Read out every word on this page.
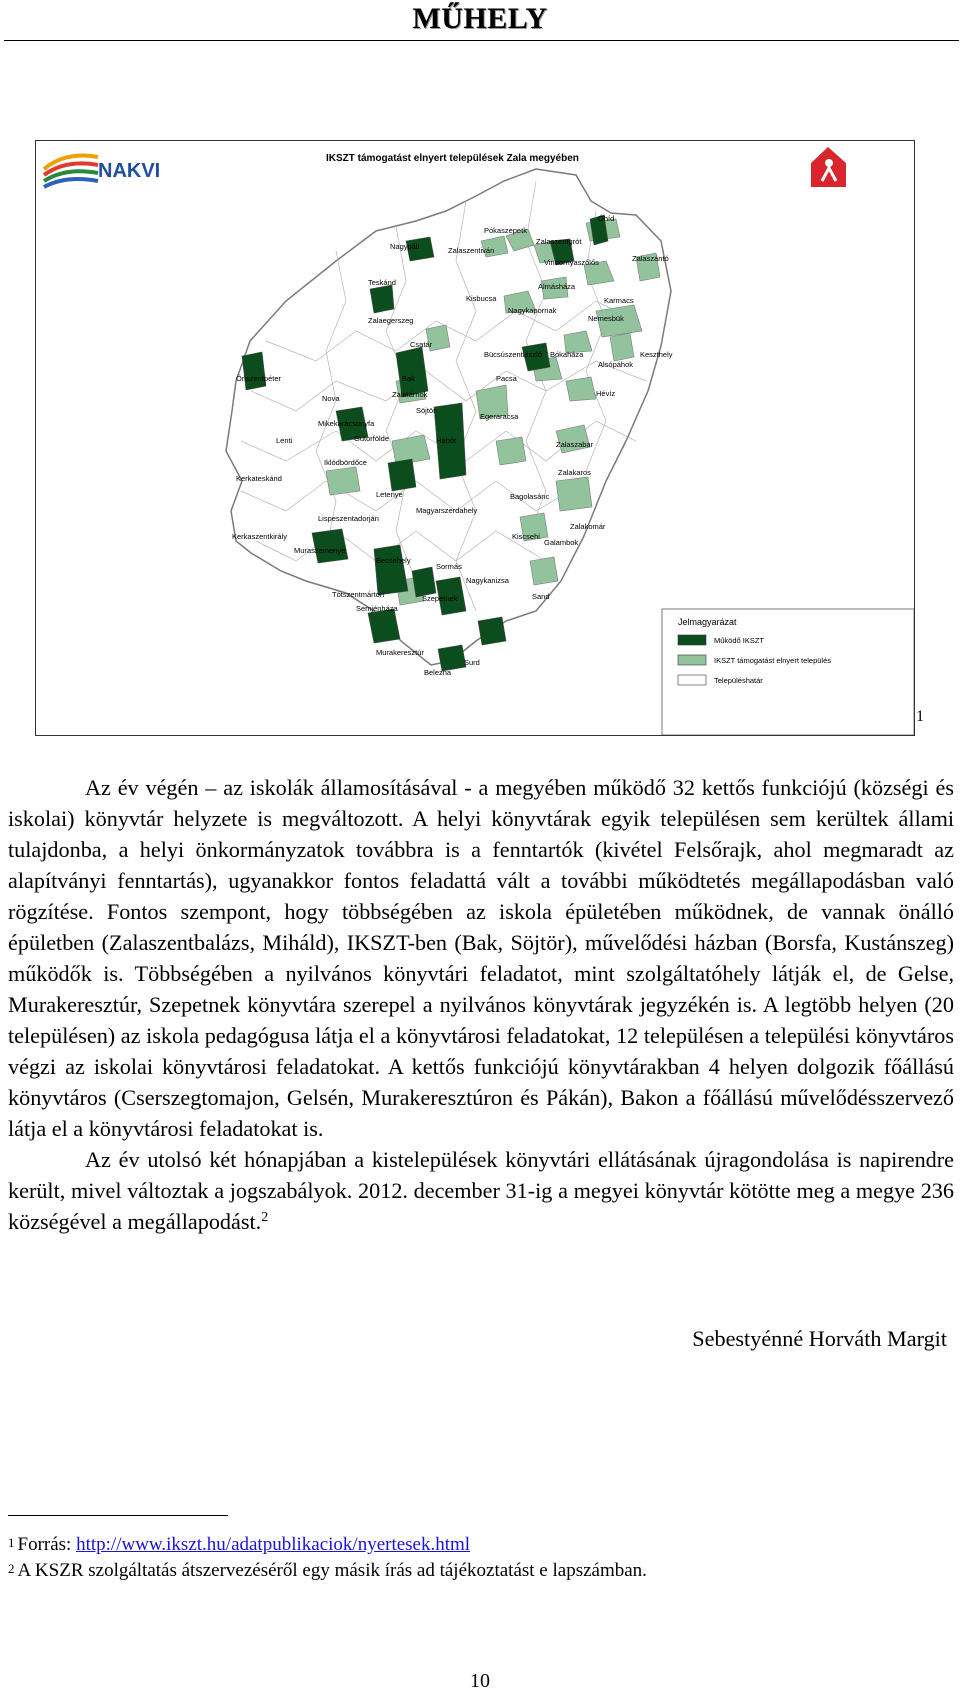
MŰHELY
NAKVI
IKSZT támogatást elnyert települések Zala megyében
Óhíd
Pókaszepetk
Zalaszentgrót
Zalaszántó
Nagypáli	Zalaszentiván
Vindornyaszőlős
Teskánd	Almásháza
Karmacs
Kisbucsa
Nagykapornak
Nemesbük
Zalaegerszeg
Csatár
Bücsúszentlászló Bókaháza
Alsópáhok
Keszthely
Őriszentpéter	Bak	Pacsa
Hévíz
Zalatárnok
Söjtör
Nova
Egeraracsa
Mikekarácsonyfa
Hahót	Zalaszabar
Gutorfölde
Lenti
Iklódbördőce
Zalakaros
Kerkateskánd
Letenye	Bagolasánc
Magyarszerdahely
Lispeszentadorján
Zalakomár
Kerkaszentkirály	Kiscsehi
Galambok
Muraszemenye
Becsehely
Sormás
Nagykanizsa
Tótszentmárton	Szepetnek	Sand
Semjénháza
Murakeresztúr
Surd
Belezna
Jelmagyarázat
Működő IKSZT
IKSZT támogatást elnyert település
Településhatár
1

Az év végén – az iskolák államosításával - a megyében működő 32 kettős funkciójú (községi és iskolai) könyvtár helyzete is megváltozott. A helyi könyvtárak egyik településen sem kerültek állami tulajdonba, a helyi önkormányzatok továbbra is a fenntartók (kivétel Felsőrajk, ahol megmaradt az alapítványi fenntartás), ugyanakkor fontos feladattá vált a további működtetés megállapodásban való rögzítése. Fontos szempont, hogy többségében az iskola épületében működnek, de vannak önálló épületben (Zalaszentbalázs, Miháld), IKSZT-ben (Bak, Söjtör), művelődési házban (Borsfa, Kustánszeg) működők is. Többségében a nyilvános könyvtári feladatot, mint szolgáltatóhely látják el, de Gelse, Murakeresztúr, Szepetnek könyvtára szerepel a nyilvános könyvtárak jegyzékén is. A legtöbb helyen (20 településen) az iskola pedagógusa látja el a könyvtárosi feladatokat, 12 településen a települési könyvtáros végzi az iskolai könyvtárosi feladatokat. A kettős funkciójú könyvtárakban 4 helyen dolgozik főállású könyvtáros (Cserszegtomajon, Gelsén, Murakeresztúron és Pákán), Bakon a főállású művelődésszervező látja el a könyvtárosi feladatokat is.

Az év utolsó két hónapjában a kistelepülések könyvtári ellátásának újragondolása is napirendre került, mivel változtak a jogszabályok. 2012. december 31-ig a megyei könyvtár kötötte meg a megye 236 községével a megállapodást.$^2$

Sebestyénné Horváth Margit
$^1$ Forrás: http://www.ikszt.hu/adatpublikaciok/nyertesek.html
$^2$ A KSZR szolgáltatás átszervezéséről egy másik írás ad tájékoztatást e lapszámban.
10
